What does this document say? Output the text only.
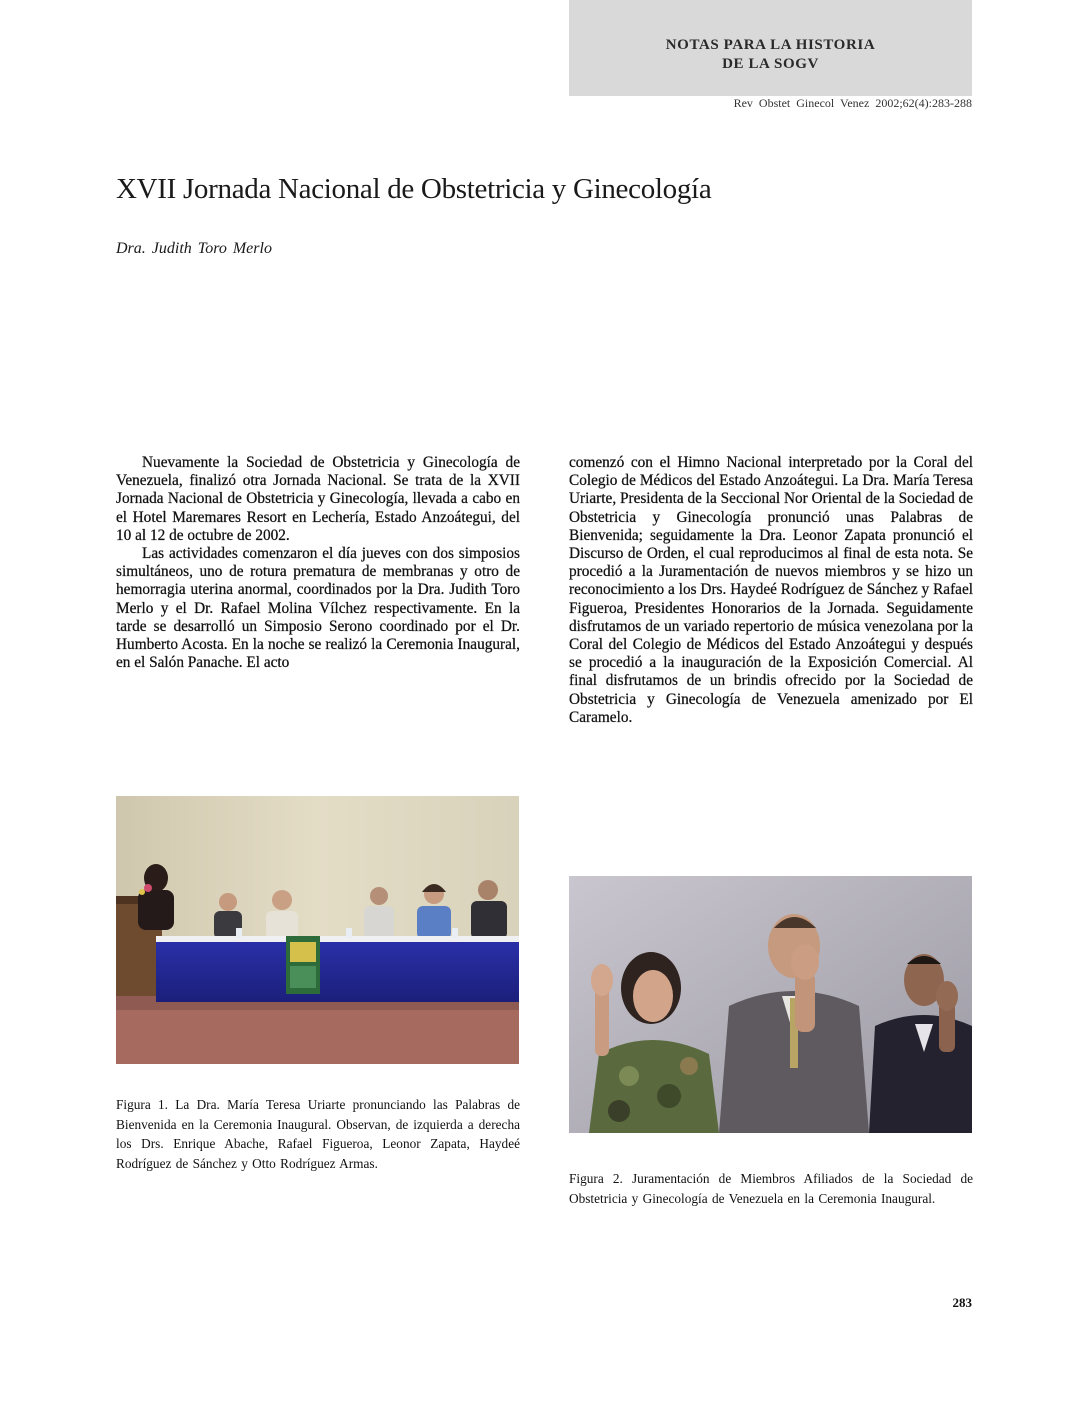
NOTAS PARA LA HISTORIA
DE LA SOGV
Rev Obstet Ginecol Venez 2002;62(4):283-288
XVII Jornada Nacional de Obstetricia y Ginecología
Dra. Judith Toro Merlo

Nuevamente la Sociedad de Obstetricia y Ginecología de Venezuela, finalizó otra Jornada Nacional. Se trata de la XVII Jornada Nacional de Obstetricia y Ginecología, llevada a cabo en el Hotel Maremares Resort en Lechería, Estado Anzoátegui, del 10 al 12 de octubre de 2002.

Las actividades comenzaron el día jueves con dos simposios simultáneos, uno de rotura prematura de membranas y otro de hemorragia uterina anormal, coordinados por la Dra. Judith Toro Merlo y el Dr. Rafael Molina Vílchez respectivamente. En la tarde se desarrolló un Simposio Serono coordinado por el Dr. Humberto Acosta. En la noche se realizó la Ceremonia Inaugural, en el Salón Panache. El acto

comenzó con el Himno Nacional interpretado por la Coral del Colegio de Médicos del Estado Anzoátegui. La Dra. María Teresa Uriarte, Presidenta de la Seccional Nor Oriental de la Sociedad de Obstetricia y Ginecología pronunció unas Palabras de Bienvenida; seguidamente la Dra. Leonor Zapata pronunció el Discurso de Orden, el cual reproducimos al final de esta nota. Se procedió a la Juramentación de nuevos miembros y se hizo un reconocimiento a los Drs. Haydeé Rodríguez de Sánchez y Rafael Figueroa, Presidentes Honorarios de la Jornada. Seguidamente disfrutamos de un variado repertorio de música venezolana por la Coral del Colegio de Médicos del Estado Anzoátegui y después se procedió a la inauguración de la Exposición Comercial. Al final disfrutamos de un brindis ofrecido por la Sociedad de Obstetricia y Ginecología de Venezuela amenizado por El Caramelo.

Figura 1. La Dra. María Teresa Uriarte pronunciando las Palabras de Bienvenida en la Ceremonia Inaugural. Observan, de izquierda a derecha los Drs. Enrique Abache, Rafael Figueroa, Leonor Zapata, Haydeé Rodríguez de Sánchez y Otto Rodríguez Armas.
Figura 2. Juramentación de Miembros Afiliados de la Sociedad de Obstetricia y Ginecología de Venezuela en la Ceremonia Inaugural.
283
